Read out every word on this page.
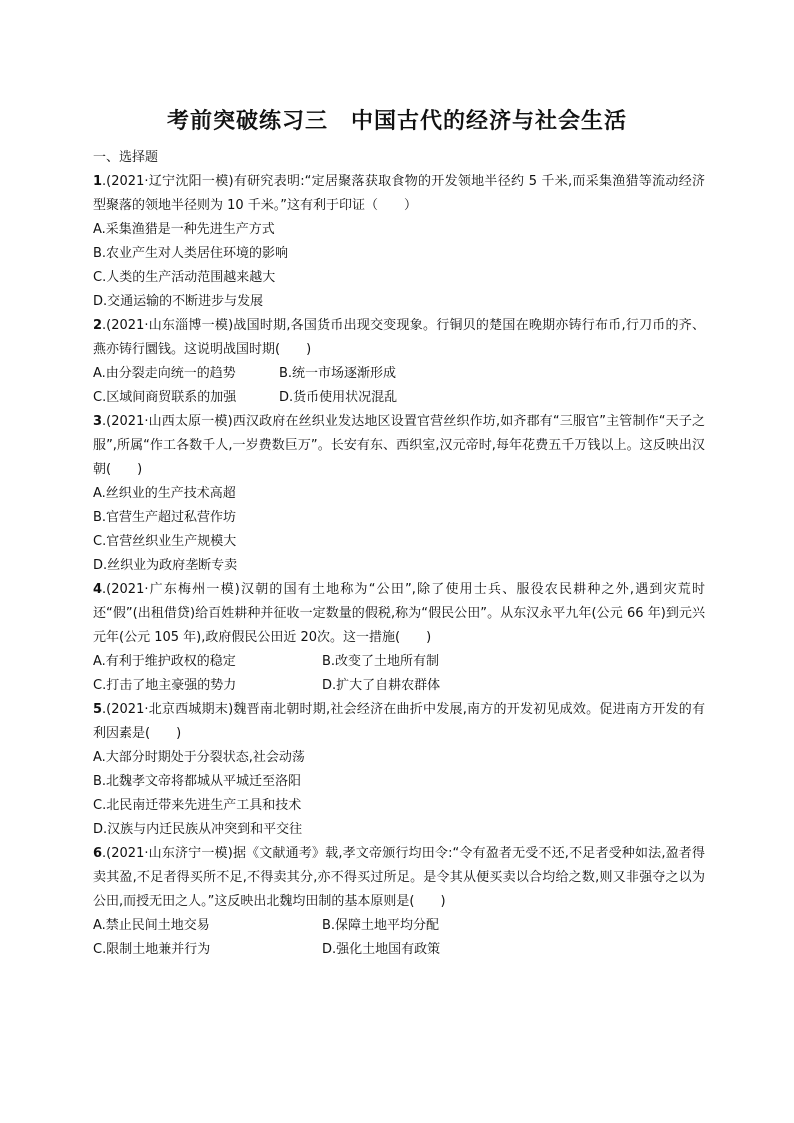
考前突破练习三　中国古代的经济与社会生活

一、选择题

1.(2021·辽宁沈阳一模)有研究表明:“定居聚落获取食物的开发领地半径约 5 千米,而采集渔猎等流动经济型聚落的领地半径则为 10 千米。”这有利于印证（　　）

A.采集渔猎是一种先进生产方式

B.农业产生对人类居住环境的影响

C.人类的生产活动范围越来越大

D.交通运输的不断进步与发展

2.(2021·山东淄博一模)战国时期,各国货币出现交变现象。行铜贝的楚国在晚期亦铸行布币,行刀币的齐、燕亦铸行圜钱。这说明战国时期(　　)

A.由分裂走向统一的趋势	B.统一市场逐渐形成

C.区域间商贸联系的加强	D.货币使用状况混乱

3.(2021·山西太原一模)西汉政府在丝织业发达地区设置官营丝织作坊,如齐郡有“三服官”主管制作“天子之服”,所属“作工各数千人,一岁费数巨万”。长安有东、西织室,汉元帝时,每年花费五千万钱以上。这反映出汉朝(　　)

A.丝织业的生产技术高超

B.官营生产超过私营作坊

C.官营丝织业生产规模大

D.丝织业为政府垄断专卖

4.(2021·广东梅州一模)汉朝的国有土地称为“公田”,除了使用士兵、服役农民耕种之外,遇到灾荒时还“假”(出租借贷)给百姓耕种并征收一定数量的假税,称为“假民公田”。从东汉永平九年(公元 66 年)到元兴元年(公元 105 年),政府假民公田近 20次。这一措施(　　)

A.有利于维护政权的稳定	B.改变了土地所有制

C.打击了地主豪强的势力	D.扩大了自耕农群体

5.(2021·北京西城期末)魏晋南北朝时期,社会经济在曲折中发展,南方的开发初见成效。促进南方开发的有利因素是(　　)

A.大部分时期处于分裂状态,社会动荡

B.北魏孝文帝将都城从平城迁至洛阳

C.北民南迁带来先进生产工具和技术

D.汉族与内迁民族从冲突到和平交往

6.(2021·山东济宁一模)据《文献通考》载,孝文帝颁行均田令:“令有盈者无受不还,不足者受种如法,盈者得卖其盈,不足者得买所不足,不得卖其分,亦不得买过所足。是令其从便买卖以合均给之数,则又非强夺之以为公田,而授无田之人。”这反映出北魏均田制的基本原则是(　　)

A.禁止民间土地交易	B.保障土地平均分配

C.限制土地兼并行为	D.强化土地国有政策
